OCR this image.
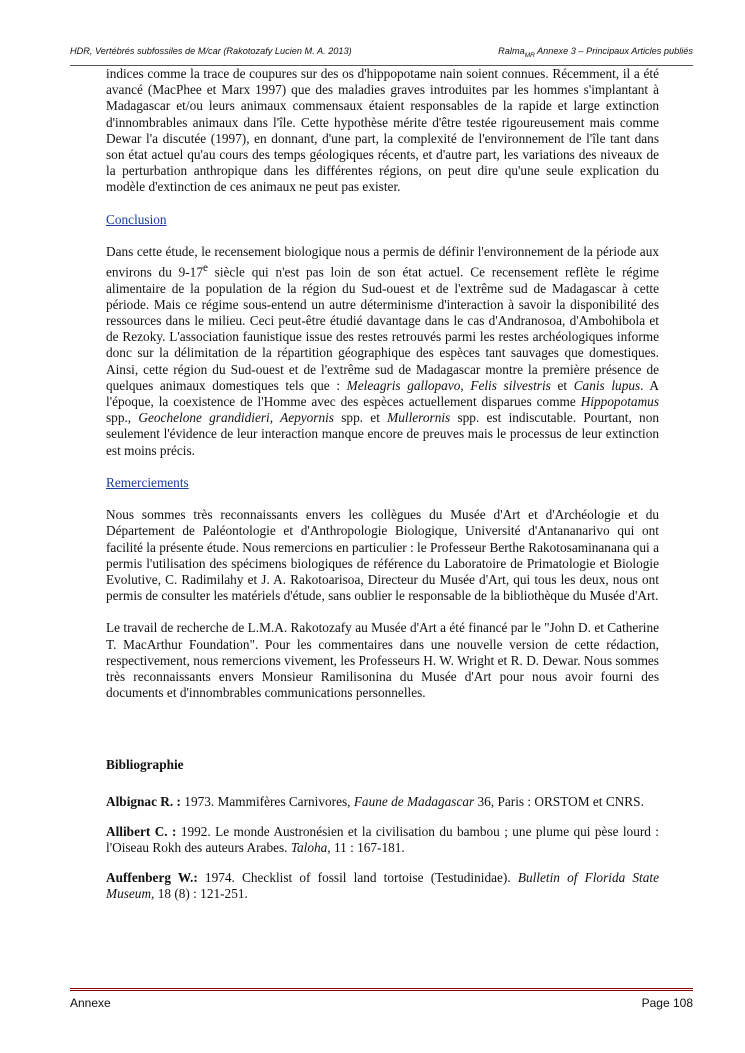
HDR, Vertébrés subfossiles de M/car (Rakotozafy Lucien M. A. 2013)	Ralma$_{MR}$ Annexe 3 – Principaux Articles publiés

indices comme la trace de coupures sur des os d'hippopotame nain soient connues. Récemment, il a été avancé (MacPhee et Marx 1997) que des maladies graves introduites par les hommes s'implantant à Madagascar et/ou leurs animaux commensaux étaient responsables de la rapide et large extinction d'innombrables animaux dans l'île. Cette hypothèse mérite d'être testée rigoureusement mais comme Dewar l'a discutée (1997), en donnant, d'une part, la complexité de l'environnement de l'île tant dans son état actuel qu'au cours des temps géologiques récents, et d'autre part, les variations des niveaux de la perturbation anthropique dans les différentes régions, on peut dire qu'une seule explication du modèle d'extinction de ces animaux ne peut pas exister.

Conclusion

Dans cette étude, le recensement biologique nous a permis de définir l'environnement de la période aux environs du 9-17e siècle qui n'est pas loin de son état actuel. Ce recensement reflète le régime alimentaire de la population de la région du Sud-ouest et de l'extrême sud de Madagascar à cette période. Mais ce régime sous-entend un autre déterminisme d'interaction à savoir la disponibilité des ressources dans le milieu. Ceci peut-être étudié davantage dans le cas d'Andranosoa, d'Ambohibola et de Rezoky. L'association faunistique issue des restes retrouvés parmi les restes archéologiques informe donc sur la délimitation de la répartition géographique des espèces tant sauvages que domestiques. Ainsi, cette région du Sud-ouest et de l'extrême sud de Madagascar montre la première présence de quelques animaux domestiques tels que : Meleagris gallopavo, Felis silvestris et Canis lupus. A l'époque, la coexistence de l'Homme avec des espèces actuellement disparues comme Hippopotamus spp., Geochelone grandidieri, Aepyornis spp. et Mullerornis spp. est indiscutable. Pourtant, non seulement l'évidence de leur interaction manque encore de preuves mais le processus de leur extinction est moins précis.

Remerciements

Nous sommes très reconnaissants envers les collègues du Musée d'Art et d'Archéologie et du Département de Paléontologie et d'Anthropologie Biologique, Université d'Antananarivo qui ont facilité la présente étude. Nous remercions en particulier : le Professeur Berthe Rakotosaminanana qui a permis l'utilisation des spécimens biologiques de référence du Laboratoire de Primatologie et Biologie Evolutive, C. Radimilahy et J. A. Rakotoarisoa, Directeur du Musée d'Art, qui tous les deux, nous ont permis de consulter les matériels d'étude, sans oublier le responsable de la bibliothèque du Musée d'Art.

Le travail de recherche de L.M.A. Rakotozafy au Musée d'Art a été financé par le "John D. et Catherine T. MacArthur Foundation". Pour les commentaires dans une nouvelle version de cette rédaction, respectivement, nous remercions vivement, les Professeurs H. W. Wright et R. D. Dewar. Nous sommes très reconnaissants envers Monsieur Ramilisonina du Musée d'Art pour nous avoir fourni des documents et d'innombrables communications personnelles.

Bibliographie

Albignac R. : 1973. Mammifères Carnivores, Faune de Madagascar 36, Paris : ORSTOM et CNRS.

Allibert C. : 1992. Le monde Austronésien et la civilisation du bambou ; une plume qui pèse lourd : l'Oiseau Rokh des auteurs Arabes. Taloha, 11 : 167-181.

Auffenberg W.: 1974. Checklist of fossil land tortoise (Testudinidae). Bulletin of Florida State Museum, 18 (8) : 121-251.

Annexe	Page 108
